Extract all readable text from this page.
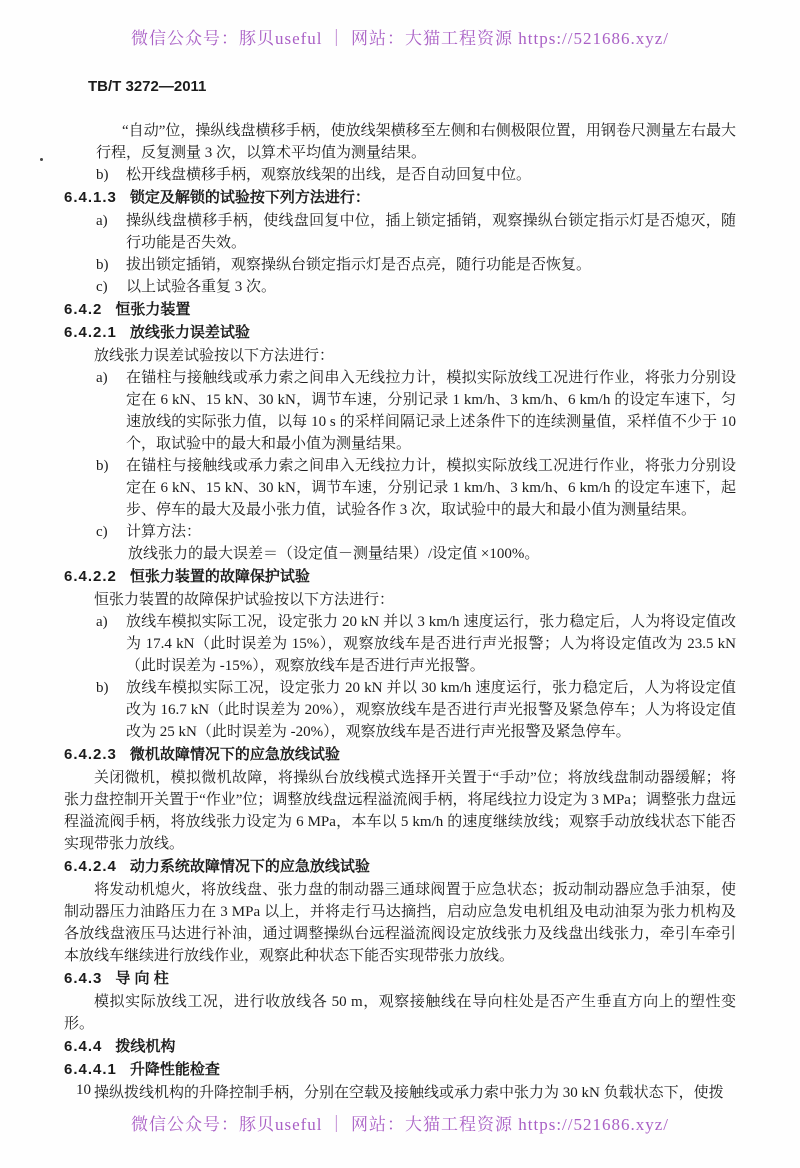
微信公众号：豚贝useful ｜ 网站：大猫工程资源 https://521686.xyz/
TB/T 3272—2011
“自动”位，操纵线盘横移手柄，使放线架横移至左侧和右侧极限位置，用钢卷尺测量左右最大行程，反复测量 3 次，以算术平均值为测量结果。
b)	松开线盘横移手柄，观察放线架的出线，是否自动回复中位。
6.4.1.3 锁定及解锁的试验按下列方法进行：
a)	操纵线盘横移手柄，使线盘回复中位，插上锁定插销，观察操纵台锁定指示灯是否熄灭，随行功能是否失效。
b)	拔出锁定插销，观察操纵台锁定指示灯是否点亮，随行功能是否恢复。
c)	以上试验各重复 3 次。
6.4.2 恒张力装置
6.4.2.1 放线张力误差试验
放线张力误差试验按以下方法进行：
a)	在锚柱与接触线或承力索之间串入无线拉力计，模拟实际放线工况进行作业，将张力分别设定在 6 kN、15 kN、30 kN，调节车速，分别记录 1 km/h、3 km/h、6 km/h 的设定车速下，匀速放线的实际张力值，以每 10 s 的采样间隔记录上述条件下的连续测量值，采样值不少于 10 个，取试验中的最大和最小值为测量结果。
b)	在锚柱与接触线或承力索之间串入无线拉力计，模拟实际放线工况进行作业，将张力分别设定在 6 kN、15 kN、30 kN，调节车速，分别记录 1 km/h、3 km/h、6 km/h 的设定车速下，起步、停车的最大及最小张力值，试验各作 3 次，取试验中的最大和最小值为测量结果。
c)	计算方法：
放线张力的最大误差＝（设定值－测量结果）/设定值 ×100%。
6.4.2.2 恒张力装置的故障保护试验
恒张力装置的故障保护试验按以下方法进行：
a)	放线车模拟实际工况，设定张力 20 kN 并以 3 km/h 速度运行，张力稳定后，人为将设定值改为 17.4 kN（此时误差为 15%），观察放线车是否进行声光报警；人为将设定值改为 23.5 kN（此时误差为 -15%），观察放线车是否进行声光报警。
b)	放线车模拟实际工况，设定张力 20 kN 并以 30 km/h 速度运行，张力稳定后，人为将设定值改为 16.7 kN（此时误差为 20%），观察放线车是否进行声光报警及紧急停车；人为将设定值改为 25 kN（此时误差为 -20%），观察放线车是否进行声光报警及紧急停车。
6.4.2.3 微机故障情况下的应急放线试验
关闭微机，模拟微机故障，将操纵台放线模式选择开关置于“手动”位；将放线盘制动器缓解；将张力盘控制开关置于“作业”位；调整放线盘远程溢流阀手柄，将尾线拉力设定为 3 MPa；调整张力盘远程溢流阀手柄，将放线张力设定为 6 MPa，本车以 5 km/h 的速度继续放线；观察手动放线状态下能否实现带张力放线。
6.4.2.4 动力系统故障情况下的应急放线试验
将发动机熄火，将放线盘、张力盘的制动器三通球阀置于应急状态；扳动制动器应急手油泵，使制动器压力油路压力在 3 MPa 以上，并将走行马达摘挡，启动应急发电机组及电动油泵为张力机构及各放线盘液压马达进行补油，通过调整操纵台远程溢流阀设定放线张力及线盘出线张力，牵引车牵引本放线车继续进行放线作业，观察此种状态下能否实现带张力放线。
6.4.3 导 向 柱
模拟实际放线工况，进行收放线各 50 m，观察接触线在导向柱处是否产生垂直方向上的塑性变形。
6.4.4 拨线机构
6.4.4.1 升降性能检查
操纵拨线机构的升降控制手柄，分别在空载及接触线或承力索中张力为 30 kN 负载状态下，使拨
10
微信公众号：豚贝useful ｜ 网站：大猫工程资源 https://521686.xyz/
